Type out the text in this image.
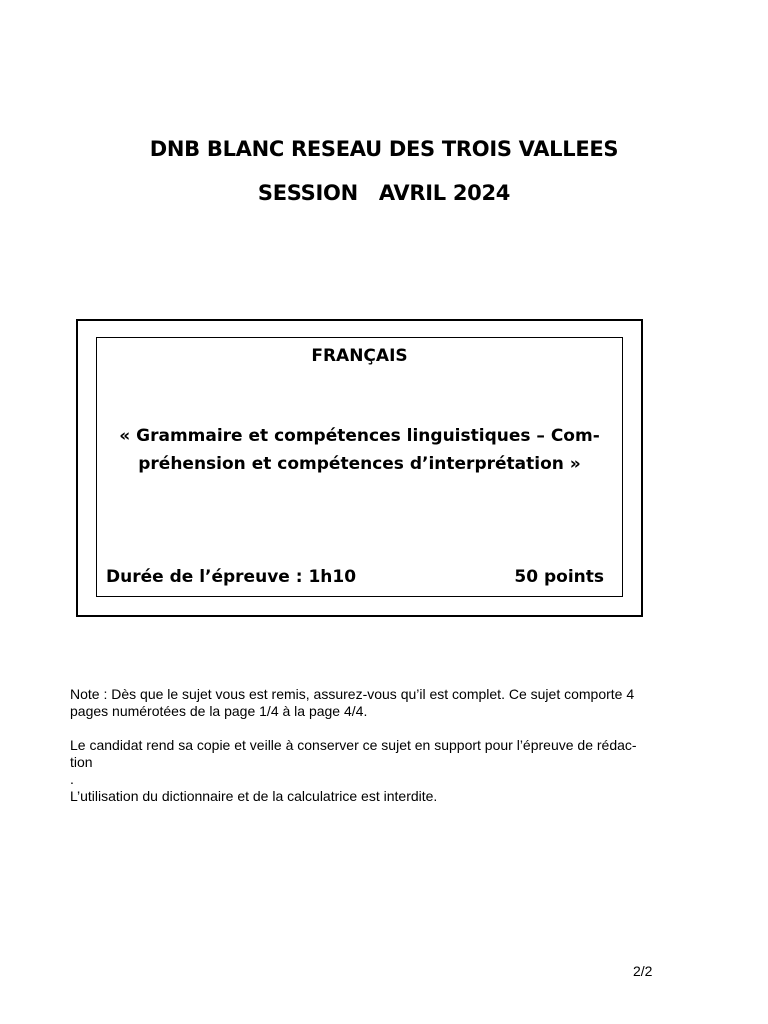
DNB BLANC RESEAU DES TROIS VALLEES
SESSION   AVRIL 2024
FRANÇAIS
« Grammaire et compétences linguistiques – Com-
préhension et compétences d’interprétation »
Durée de l’épreuve : 1h10	50 points

Note : Dès que le sujet vous est remis, assurez-vous qu’il est complet. Ce sujet comporte 4

pages numérotées de la page 1/4 à la page 4/4.

Le candidat rend sa copie et veille à conserver ce sujet en support pour l’épreuve de rédac-

tion

.

L’utilisation du dictionnaire et de la calculatrice est interdite.

2/2
